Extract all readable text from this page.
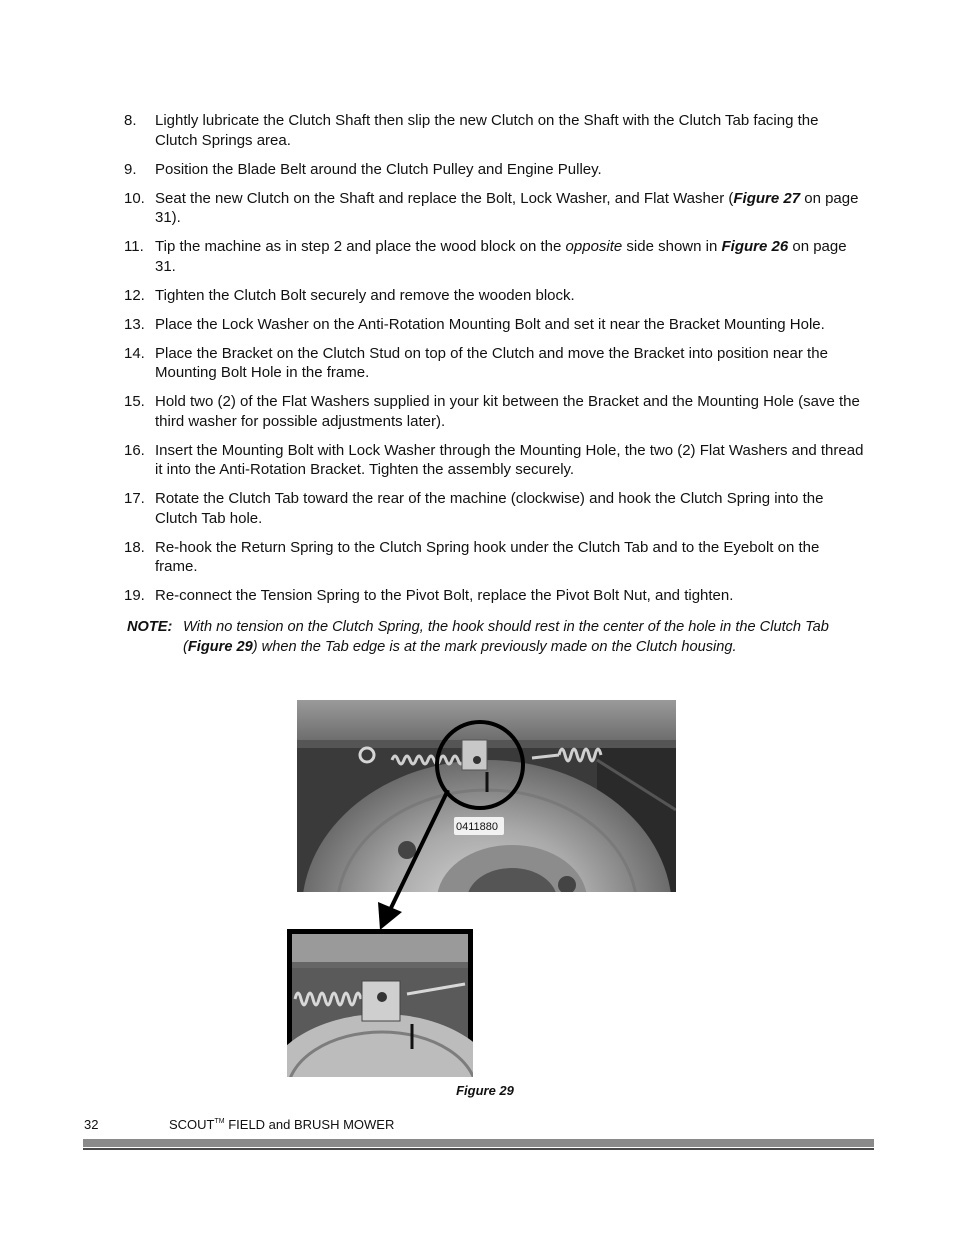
8. Lightly lubricate the Clutch Shaft then slip the new Clutch on the Shaft with the Clutch Tab facing the Clutch Springs area.
9. Position the Blade Belt around the Clutch Pulley and Engine Pulley.
10. Seat the new Clutch on the Shaft and replace the Bolt, Lock Washer, and Flat Washer (Figure 27 on page 31).
11. Tip the machine as in step 2 and place the wood block on the opposite side shown in Figure 26 on page 31.
12. Tighten the Clutch Bolt securely and remove the wooden block.
13. Place the Lock Washer on the Anti-Rotation Mounting Bolt and set it near the Bracket Mounting Hole.
14. Place the Bracket on the Clutch Stud on top of the Clutch and move the Bracket into position near the Mounting Bolt Hole in the frame.
15. Hold two (2) of the Flat Washers supplied in your kit between the Bracket and the Mounting Hole (save the third washer for possible adjustments later).
16. Insert the Mounting Bolt with Lock Washer through the Mounting Hole, the two (2) Flat Washers and thread it into the Anti-Rotation Bracket. Tighten the assembly securely.
17. Rotate the Clutch Tab toward the rear of the machine (clockwise) and hook the Clutch Spring into the Clutch Tab hole.
18. Re-hook the Return Spring to the Clutch Spring hook under the Clutch Tab and to the Eyebolt on the frame.
19. Re-connect the Tension Spring to the Pivot Bolt, replace the Pivot Bolt Nut, and tighten.
NOTE: With no tension on the Clutch Spring, the hook should rest in the center of the hole in the Clutch Tab (Figure 29) when the Tab edge is at the mark previously made on the Clutch housing.
0411880
Figure 29
32	SCOUT™ FIELD and BRUSH MOWER
